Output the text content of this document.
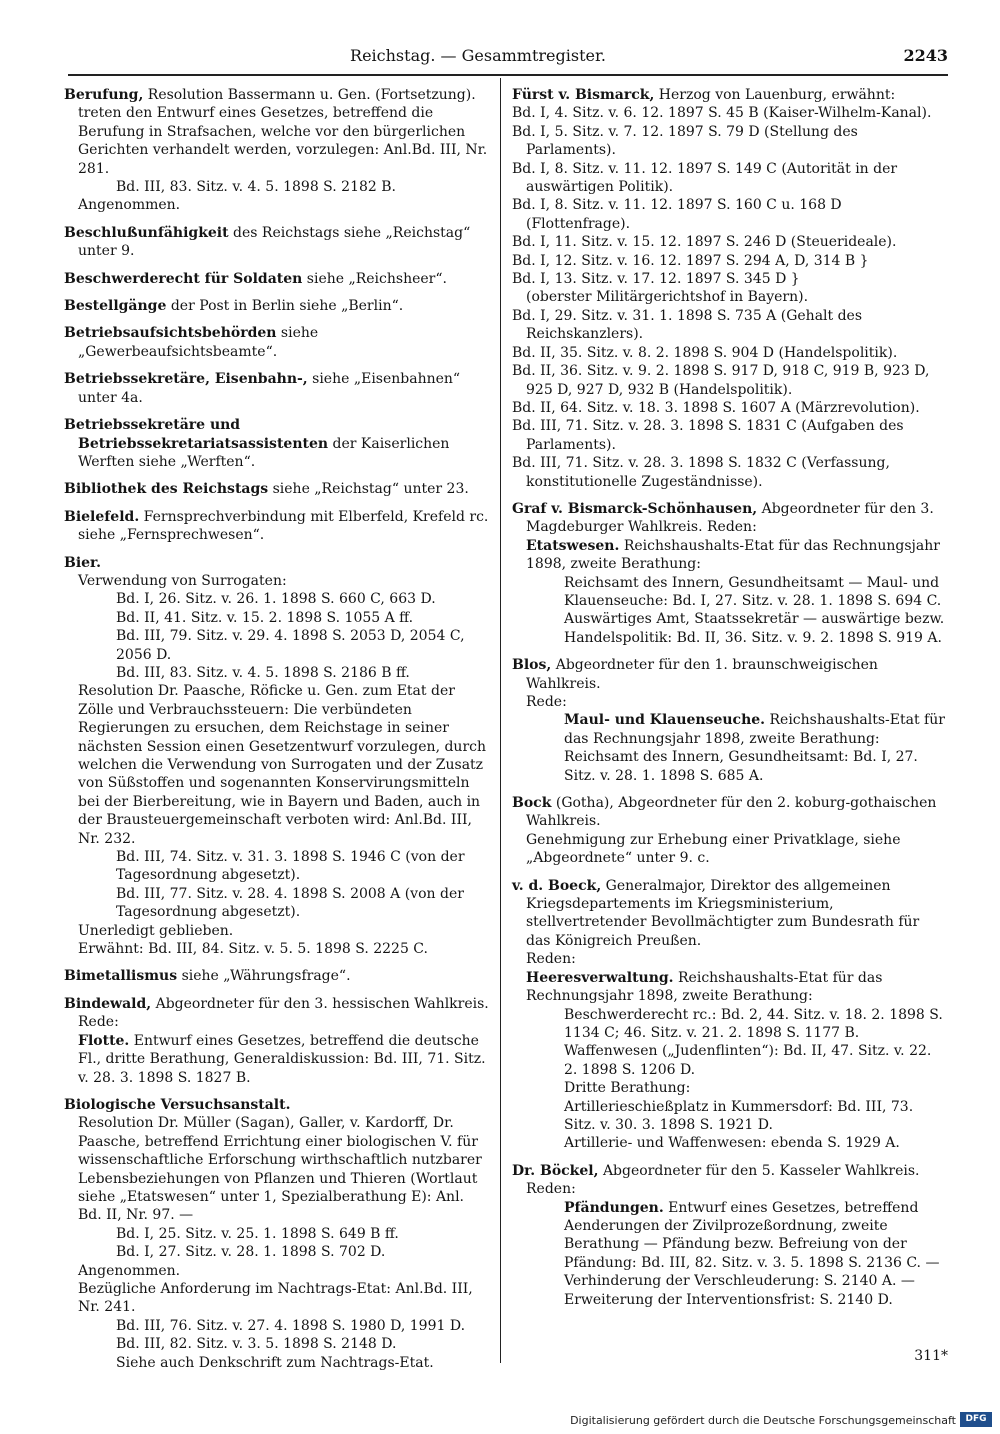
Reichstag. — Gesammtregister.	2243
Berufung, Resolution Bassermann u. Gen. (Fortsetzung).
treten den Entwurf eines Gesetzes, betreffend die Berufung in Strafsachen, welche vor den bürgerlichen Gerichten verhandelt werden, vorzulegen: Anl.Bd. III, Nr. 281.
Bd. III, 83. Sitz. v. 4. 5. 1898 S. 2182 B.
Angenommen.
Beschlußunfähigkeit des Reichstags siehe „Reichstag“ unter 9.
Beschwerderecht für Soldaten siehe „Reichsheer“.
Bestellgänge der Post in Berlin siehe „Berlin“.
Betriebsaufsichtsbehörden siehe „Gewerbeaufsichtsbeamte“.
Betriebssekretäre, Eisenbahn-, siehe „Eisenbahnen“ unter 4a.
Betriebssekretäre und Betriebssekretariatsassistenten der Kaiserlichen Werften siehe „Werften“.
Bibliothek des Reichstags siehe „Reichstag“ unter 23.
Bielefeld. Fernsprechverbindung mit Elberfeld, Krefeld rc. siehe „Fernsprechwesen“.
Bier.
Verwendung von Surrogaten:
Bd. I, 26. Sitz. v. 26. 1. 1898 S. 660 C, 663 D.
Bd. II, 41. Sitz. v. 15. 2. 1898 S. 1055 A ff.
Bd. III, 79. Sitz. v. 29. 4. 1898 S. 2053 D, 2054 C, 2056 D.
Bd. III, 83. Sitz. v. 4. 5. 1898 S. 2186 B ff.
Resolution Dr. Paasche, Röficke u. Gen. zum Etat der Zölle und Verbrauchssteuern: Die verbündeten Regierungen zu ersuchen, dem Reichstage in seiner nächsten Session einen Gesetzentwurf vorzulegen, durch welchen die Verwendung von Surrogaten und der Zusatz von Süßstoffen und sogenannten Konservirungsmitteln bei der Bierbereitung, wie in Bayern und Baden, auch in der Brausteuergemeinschaft verboten wird: Anl.Bd. III, Nr. 232.
Bd. III, 74. Sitz. v. 31. 3. 1898 S. 1946 C (von der Tagesordnung abgesetzt).
Bd. III, 77. Sitz. v. 28. 4. 1898 S. 2008 A (von der Tagesordnung abgesetzt).
Unerledigt geblieben.
Erwähnt: Bd. III, 84. Sitz. v. 5. 5. 1898 S. 2225 C.
Bimetallismus siehe „Währungsfrage“.
Bindewald, Abgeordneter für den 3. hessischen Wahlkreis.
Rede:
Flotte. Entwurf eines Gesetzes, betreffend die deutsche Fl., dritte Berathung, Generaldiskussion: Bd. III, 71. Sitz. v. 28. 3. 1898 S. 1827 B.
Biologische Versuchsanstalt.
Resolution Dr. Müller (Sagan), Galler, v. Kardorff, Dr. Paasche, betreffend Errichtung einer biologischen V. für wissenschaftliche Erforschung wirthschaftlich nutzbarer Lebensbeziehungen von Pflanzen und Thieren (Wortlaut siehe „Etatswesen“ unter 1, Spezialberathung E): Anl. Bd. II, Nr. 97. —
Bd. I, 25. Sitz. v. 25. 1. 1898 S. 649 B ff.
Bd. I, 27. Sitz. v. 28. 1. 1898 S. 702 D.
Angenommen.
Bezügliche Anforderung im Nachtrags-Etat: Anl.Bd. III, Nr. 241.
Bd. III, 76. Sitz. v. 27. 4. 1898 S. 1980 D, 1991 D.
Bd. III, 82. Sitz. v. 3. 5. 1898 S. 2148 D.
Siehe auch Denkschrift zum Nachtrags-Etat.
Fürst v. Bismarck, Herzog von Lauenburg, erwähnt:
Bd. I, 4. Sitz. v. 6. 12. 1897 S. 45 B (Kaiser-Wilhelm-Kanal).
Bd. I, 5. Sitz. v. 7. 12. 1897 S. 79 D (Stellung des Parlaments).
Bd. I, 8. Sitz. v. 11. 12. 1897 S. 149 C (Autorität in der auswärtigen Politik).
Bd. I, 8. Sitz. v. 11. 12. 1897 S. 160 C u. 168 D (Flottenfrage).
Bd. I, 11. Sitz. v. 15. 12. 1897 S. 246 D (Steuerideale).
Bd. I, 12. Sitz. v. 16. 12. 1897 S. 294 A, D, 314 B }
Bd. I, 13. Sitz. v. 17. 12. 1897 S. 345 D }
(oberster Militärgerichtshof in Bayern).
Bd. I, 29. Sitz. v. 31. 1. 1898 S. 735 A (Gehalt des Reichskanzlers).
Bd. II, 35. Sitz. v. 8. 2. 1898 S. 904 D (Handelspolitik).
Bd. II, 36. Sitz. v. 9. 2. 1898 S. 917 D, 918 C, 919 B, 923 D, 925 D, 927 D, 932 B (Handelspolitik).
Bd. II, 64. Sitz. v. 18. 3. 1898 S. 1607 A (Märzrevolution).
Bd. III, 71. Sitz. v. 28. 3. 1898 S. 1831 C (Aufgaben des Parlaments).
Bd. III, 71. Sitz. v. 28. 3. 1898 S. 1832 C (Verfassung, konstitutionelle Zugeständnisse).
Graf v. Bismarck-Schönhausen, Abgeordneter für den 3. Magdeburger Wahlkreis. Reden:
Etatswesen. Reichshaushalts-Etat für das Rechnungsjahr 1898, zweite Berathung:
Reichsamt des Innern, Gesundheitsamt — Maul- und Klauenseuche: Bd. I, 27. Sitz. v. 28. 1. 1898 S. 694 C.
Auswärtiges Amt, Staatssekretär — auswärtige bezw. Handelspolitik: Bd. II, 36. Sitz. v. 9. 2. 1898 S. 919 A.
Blos, Abgeordneter für den 1. braunschweigischen Wahlkreis.
Rede:
Maul- und Klauenseuche. Reichshaushalts-Etat für das Rechnungsjahr 1898, zweite Berathung: Reichsamt des Innern, Gesundheitsamt: Bd. I, 27. Sitz. v. 28. 1. 1898 S. 685 A.
Bock (Gotha), Abgeordneter für den 2. koburg-gothaischen Wahlkreis.
Genehmigung zur Erhebung einer Privatklage, siehe „Abgeordnete“ unter 9. c.
v. d. Boeck, Generalmajor, Direktor des allgemeinen Kriegsdepartements im Kriegsministerium, stellvertretender Bevollmächtigter zum Bundesrath für das Königreich Preußen.
Reden:
Heeresverwaltung. Reichshaushalts-Etat für das Rechnungsjahr 1898, zweite Berathung:
Beschwerderecht rc.: Bd. 2, 44. Sitz. v. 18. 2. 1898 S. 1134 C; 46. Sitz. v. 21. 2. 1898 S. 1177 B.
Waffenwesen („Judenflinten“): Bd. II, 47. Sitz. v. 22. 2. 1898 S. 1206 D.
Dritte Berathung:
Artillerieschießplatz in Kummersdorf: Bd. III, 73. Sitz. v. 30. 3. 1898 S. 1921 D.
Artillerie- und Waffenwesen: ebenda S. 1929 A.
Dr. Böckel, Abgeordneter für den 5. Kasseler Wahlkreis.
Reden:
Pfändungen. Entwurf eines Gesetzes, betreffend Aenderungen der Zivilprozeßordnung, zweite Berathung — Pfändung bezw. Befreiung von der Pfändung: Bd. III, 82. Sitz. v. 3. 5. 1898 S. 2136 C. — Verhinderung der Verschleuderung: S. 2140 A. — Erweiterung der Interventionsfrist: S. 2140 D.
311*
Digitalisierung gefördert durch die Deutsche Forschungsgemeinschaft	DFG
